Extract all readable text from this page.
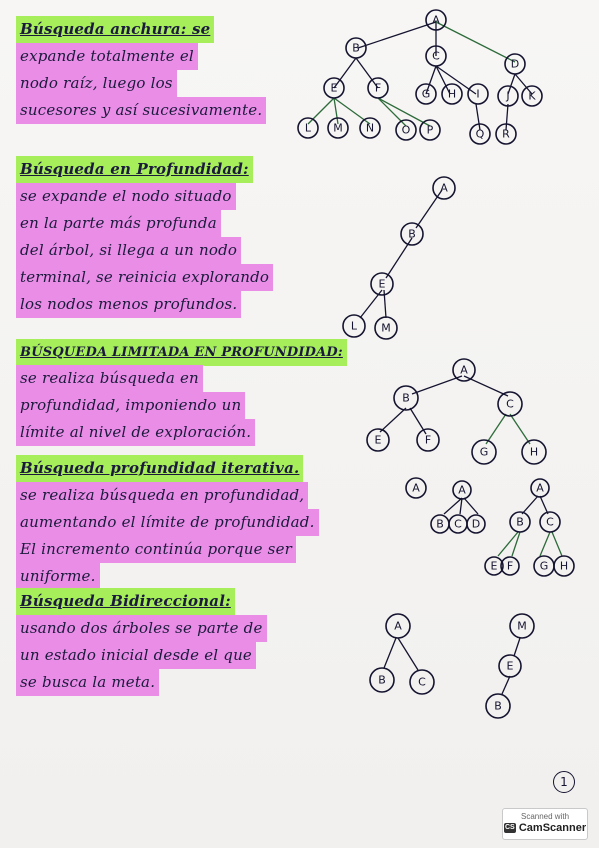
Búsqueda anchura: se
expande totalmente el
nodo raíz, luego los
sucesores y así sucesivamente.
Búsqueda en Profundidad:
se expande el nodo situado
en la parte más profunda
del árbol, si llega a un nodo
terminal, se reinicia explorando
los nodos menos profundos.
BÚSQUEDA LIMITADA EN PROFUNDIDAD:
se realiza búsqueda en
profundidad, imponiendo un
límite al nivel de exploración.
Búsqueda profundidad iterativa.
se realiza búsqueda en profundidad,
aumentando el límite de profundidad.
El incremento continúa porque ser
uniforme.
Búsqueda Bidireccional:
usando dos árboles se parte de
un estado inicial desde el que
se busca la meta.
A
B
C
D
E	F	G H I J K
L M N	O P	Q R
A
B
E
L M
A
B	C
E	F
G	H
A	A
B C D
A
B C
E F G H
A
B	C
M
E
B
1
Scanned with
CS CamScanner
